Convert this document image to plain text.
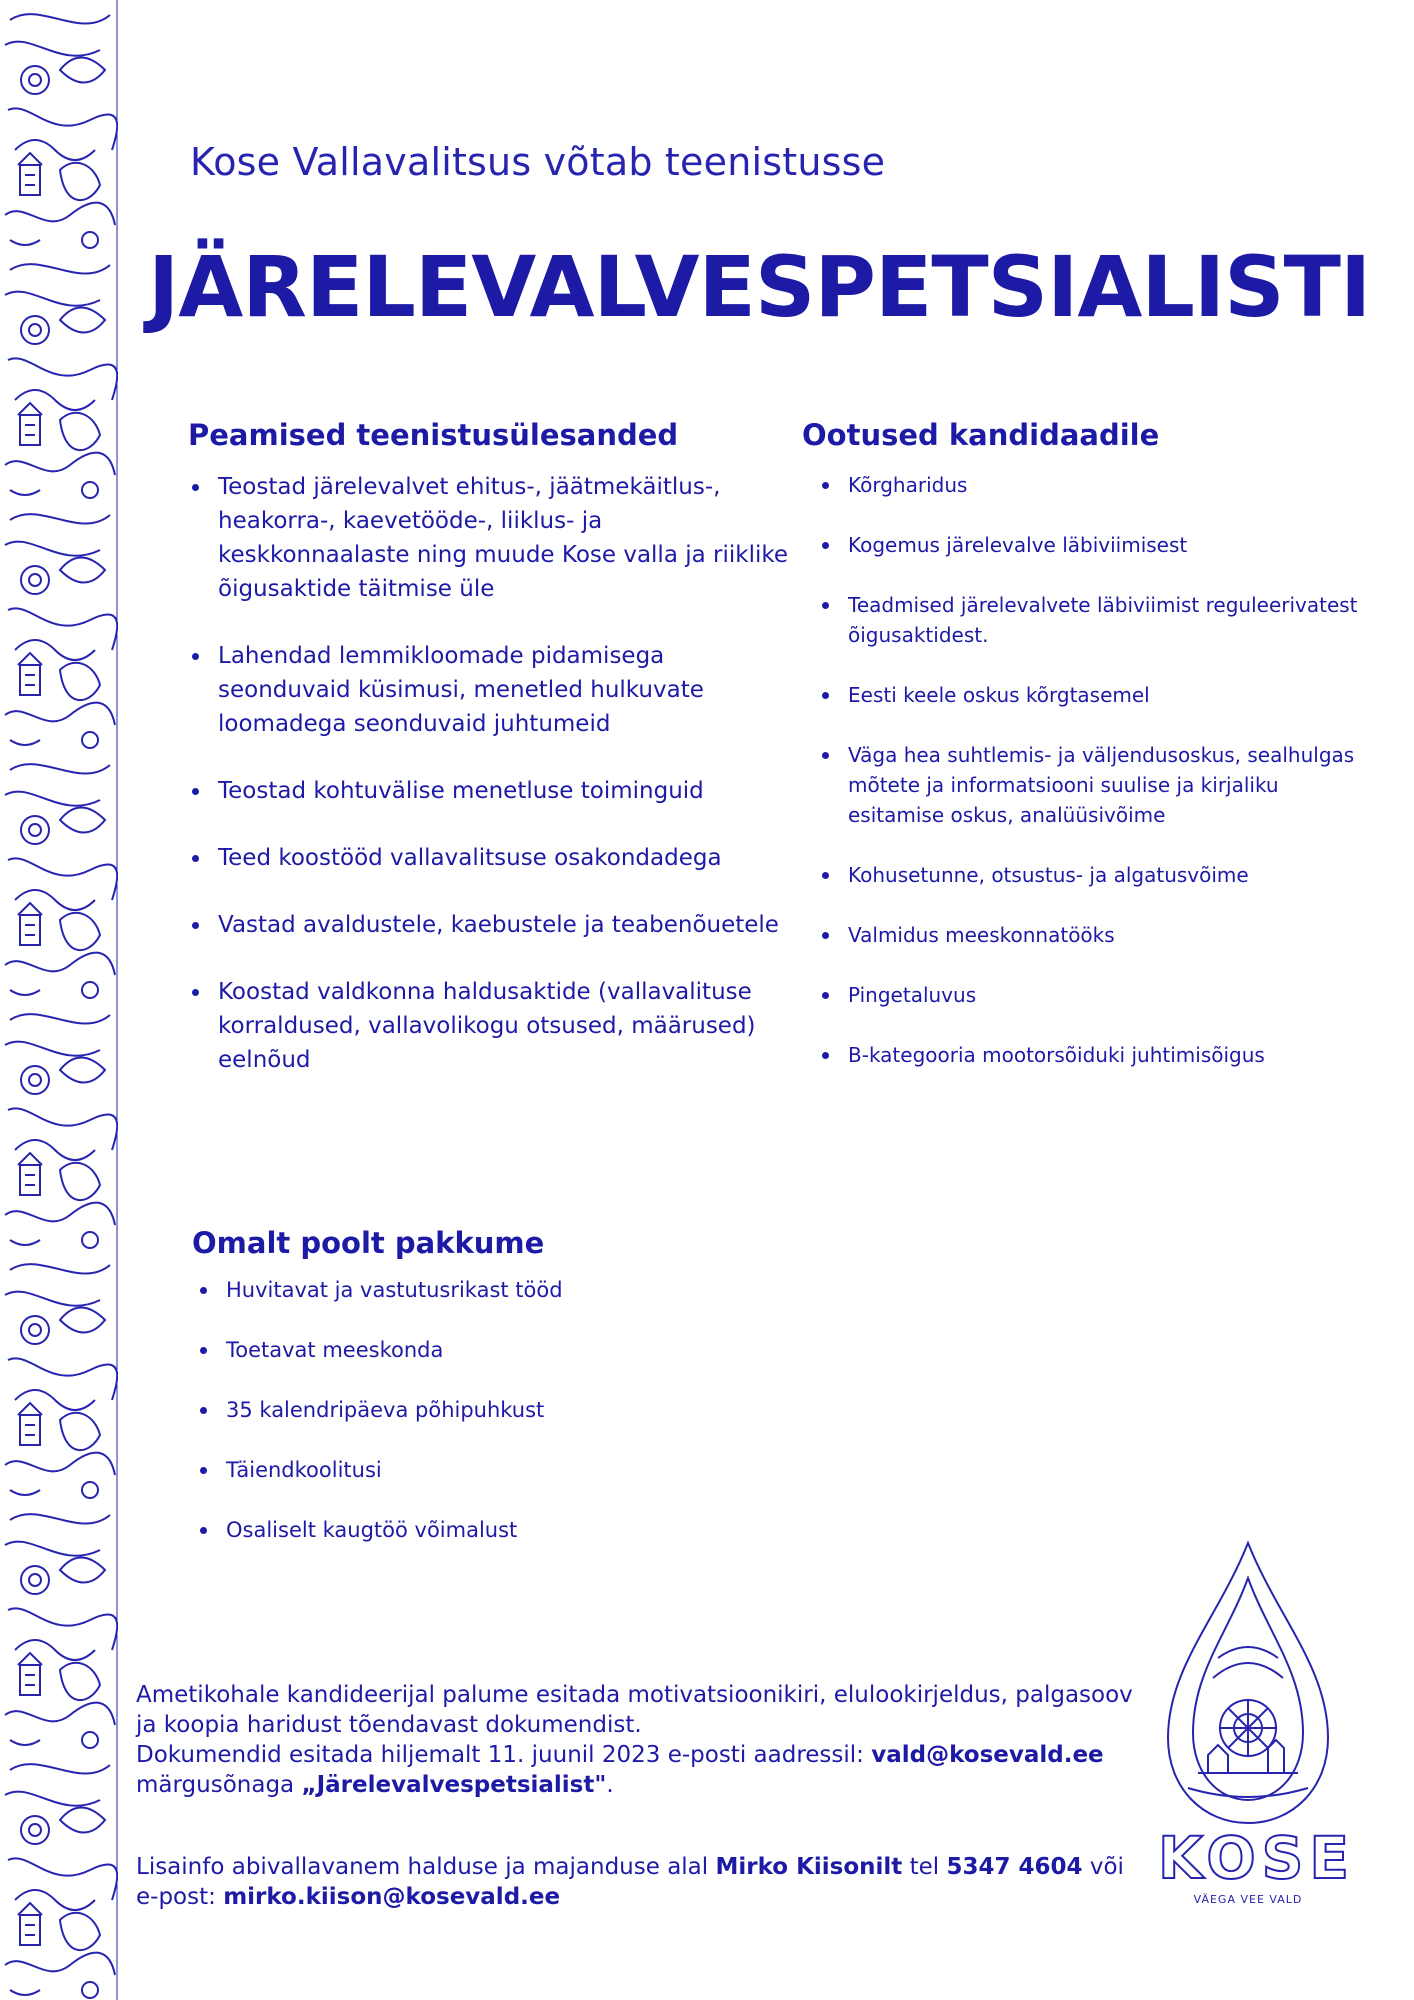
Kose Vallavalitsus võtab teenistusse
JÄRELEVALVESPETSIALISTI
Peamised teenistusülesanded
Teostad järelevalvet ehitus-, jäätmekäitlus-, heakorra-, kaevetööde-, liiklus- ja keskkonnaalaste ning muude Kose valla ja riiklike õigusaktide täitmise üle
Lahendad lemmikloomade pidamisega seonduvaid küsimusi, menetled hulkuvate loomadega seonduvaid juhtumeid
Teostad kohtuvälise menetluse toiminguid
Teed koostööd vallavalitsuse osakondadega
Vastad avaldustele, kaebustele ja teabenõuetele
Koostad valdkonna haldusaktide (vallavalituse korraldused, vallavolikogu otsused, määrused) eelnõud
Ootused kandidaadile
Kõrgharidus
Kogemus järelevalve läbiviimisest
Teadmised järelevalvete läbiviimist reguleerivatest õigusaktidest.
Eesti keele oskus kõrgtasemel
Väga hea suhtlemis- ja väljendusoskus, sealhulgas mõtete ja informatsiooni suulise ja kirjaliku esitamise oskus, analüüsivõime
Kohusetunne, otsustus- ja algatusvõime
Valmidus meeskonnatööks
Pingetaluvus
B-kategooria mootorsõiduki juhtimisõigus
Omalt poolt pakkume
Huvitavat ja vastutusrikast tööd
Toetavat meeskonda
35 kalendripäeva põhipuhkust
Täiendkoolitusi
Osaliselt kaugtöö võimalust

Ametikohale kandideerijal palume esitada motivatsioonikiri, elulookirjeldus, palgasoov ja koopia haridust tõendavast dokumendist.
Dokumendid esitada hiljemalt 11. juunil 2023 e-posti aadressil: vald@kosevald.ee
märgusõnaga „Järelevalvespetsialist".

Lisainfo abivallavanem halduse ja majanduse alal Mirko Kiisonilt tel 5347 4604 või e-post: mirko.kiison@kosevald.ee

KOSE

VÄEGA VEE VALD
